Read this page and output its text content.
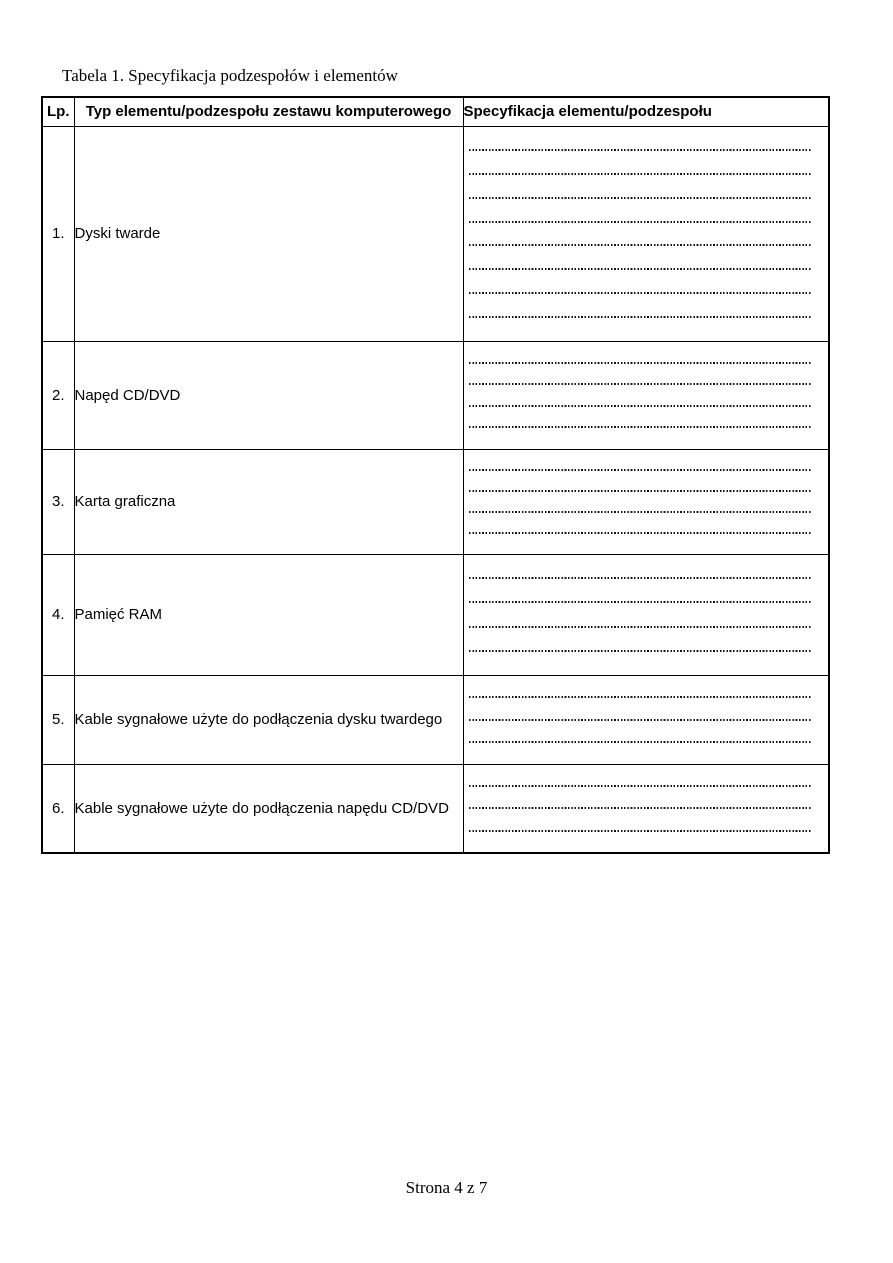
Tabela 1. Specyfikacja podzespołów i elementów
Lp.	Typ elementu/podzespołu zestawu komputerowego	Specyfikacja elementu/podzespołu
1.	Dyski twarde	

2.	Napęd CD/DVD	

3.	Karta graficzna	

4.	Pamięć RAM	

5.	Kable sygnałowe użyte do podłączenia dysku twardego	

6.	Kable sygnałowe użyte do podłączenia napędu CD/DVD	
Strona 4 z 7
